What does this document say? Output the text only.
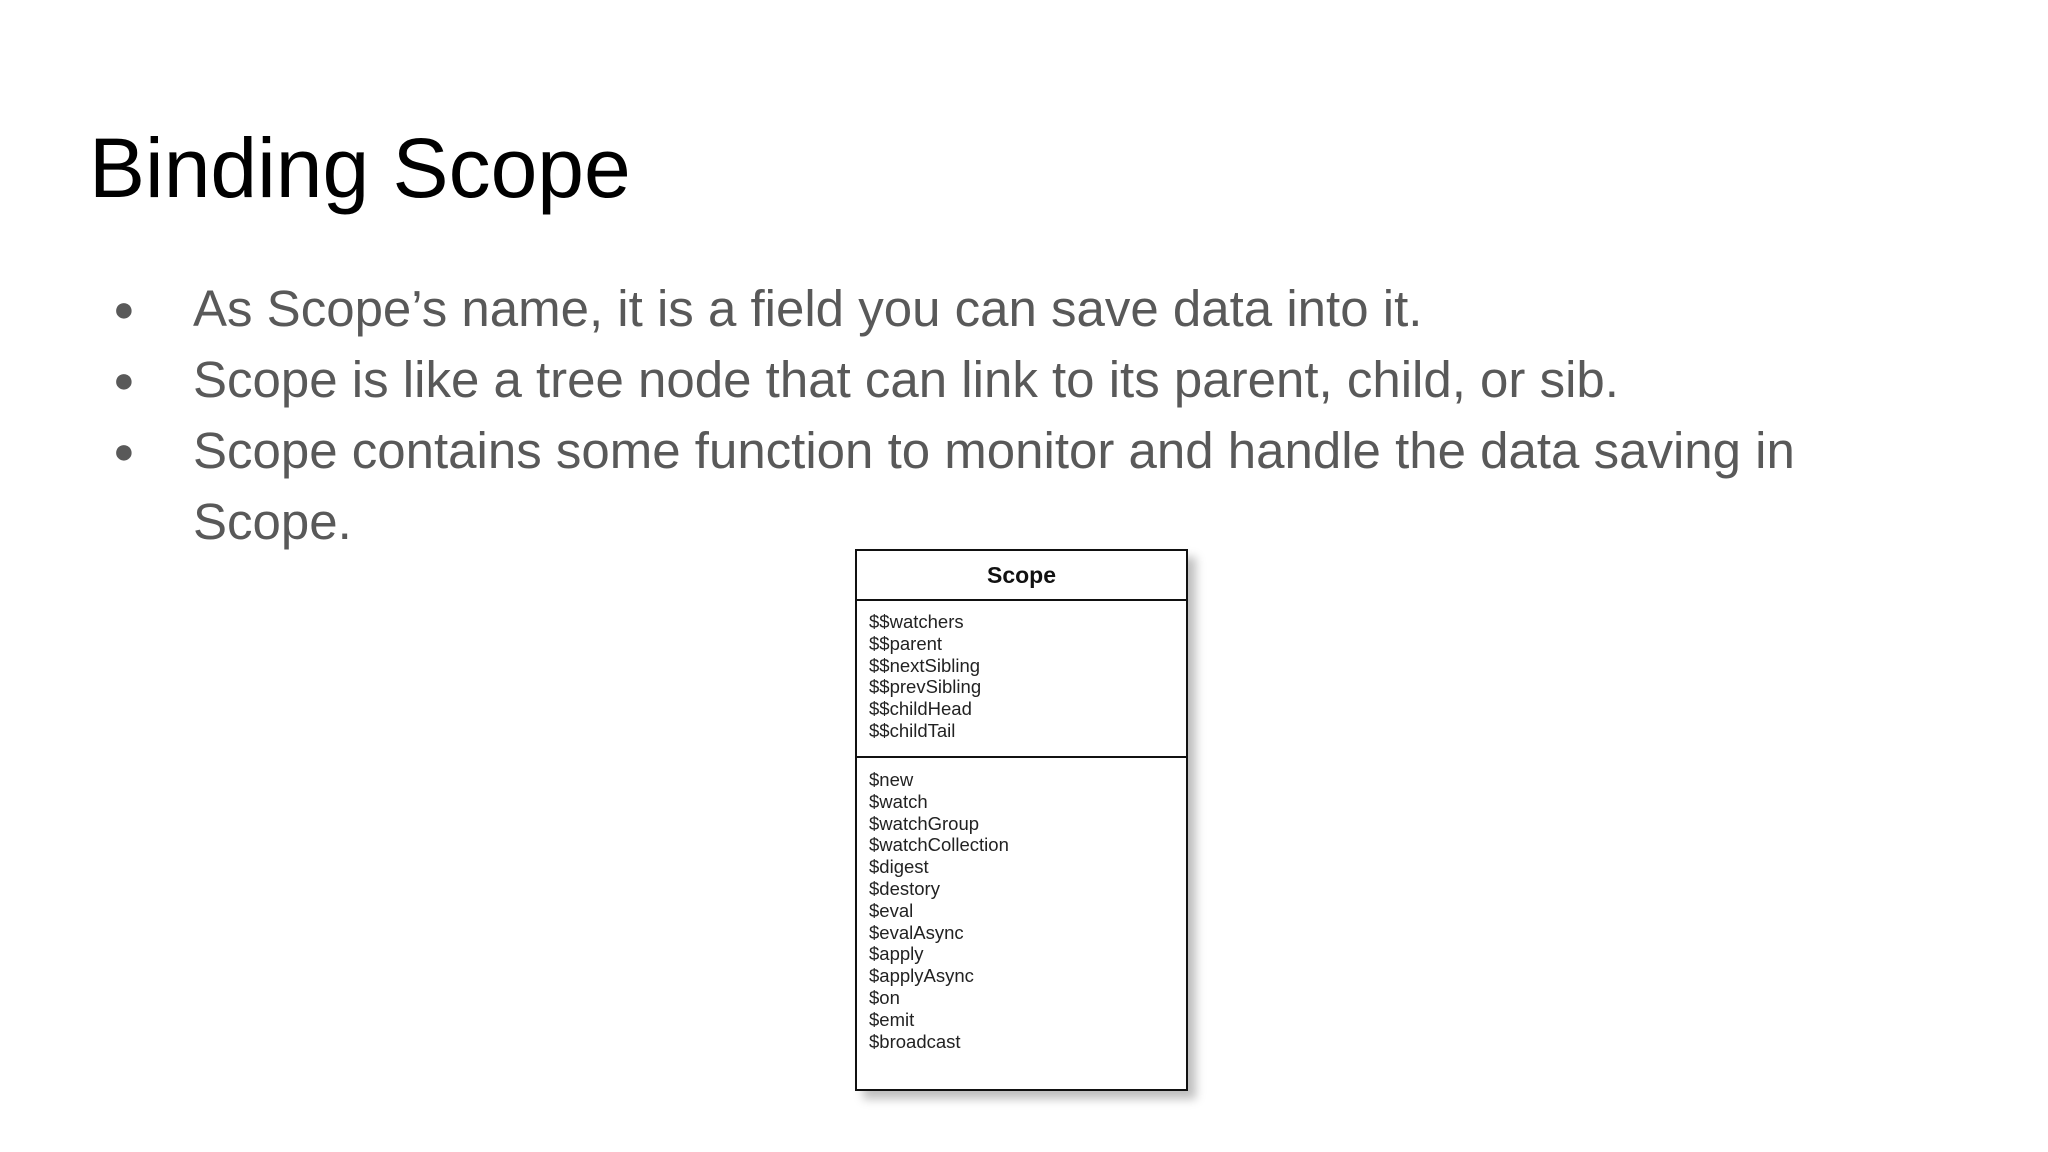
Binding Scope
● As Scope’s name, it is a field you can save data into it.
● Scope is like a tree node that can link to its parent, child, or sib.
● Scope contains some function to monitor and handle the data saving in Scope.
Scope
$$watchers
$$parent
$$nextSibling
$$prevSibling
$$childHead
$$childTail
$new
$watch
$watchGroup
$watchCollection
$digest
$destory
$eval
$evalAsync
$apply
$applyAsync
$on
$emit
$broadcast
